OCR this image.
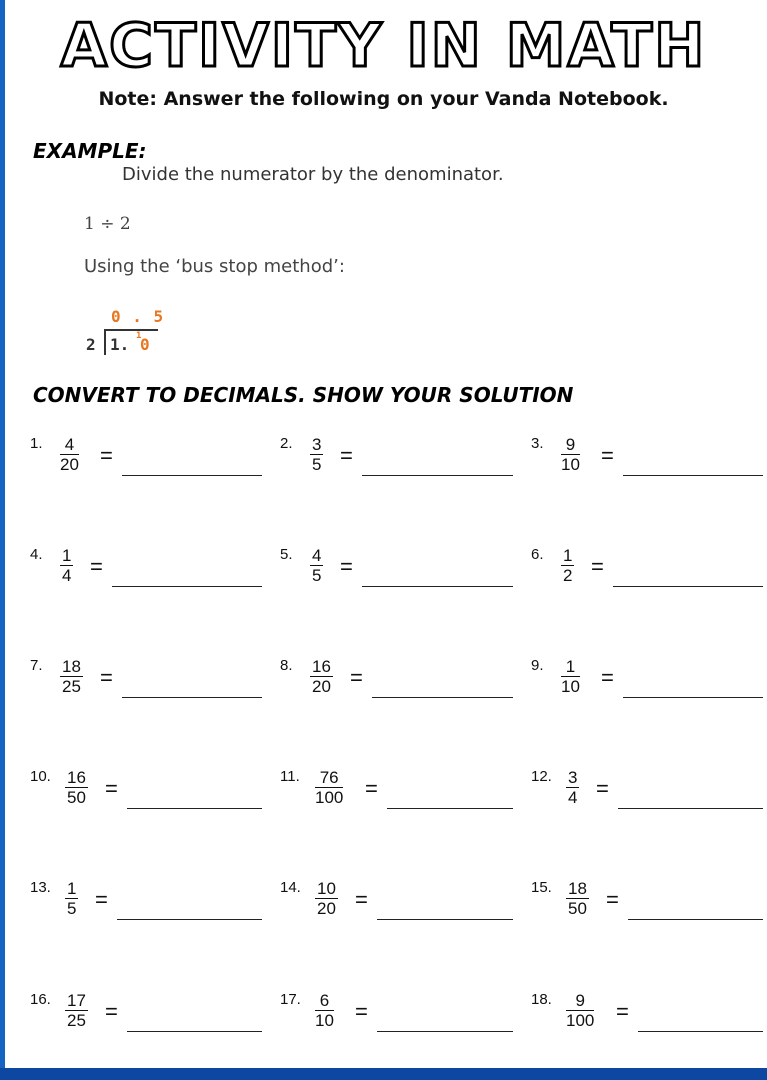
ACTIVITY IN MATH
Note: Answer the following on your Vanda Notebook.
EXAMPLE:
Divide the numerator by the denominator.
1 ÷ 2
Using the ‘bus stop method’:
0 . 5
2 1. 1
0
CONVERT TO DECIMALS. SHOW YOUR SOLUTION
1. $\frac{4}{20}$ =	2. $\frac{3}{5}$ =	3. $\frac{9}{10}$ =
4. $\frac{1}{4}$ =	5. $\frac{4}{5}$ =	6. $\frac{1}{2}$ =
7. $\frac{18}{25}$ =	8. $\frac{16}{20}$ =	9. $\frac{1}{10}$ =
10. $\frac{16}{50}$ =	11. $\frac{76}{100}$ =	12. $\frac{3}{4}$ =
13. $\frac{1}{5}$ =	14. $\frac{10}{20}$ =	15. $\frac{18}{50}$ =
16. $\frac{17}{25}$ =	17. $\frac{6}{10}$ =	18. $\frac{9}{100}$ =
